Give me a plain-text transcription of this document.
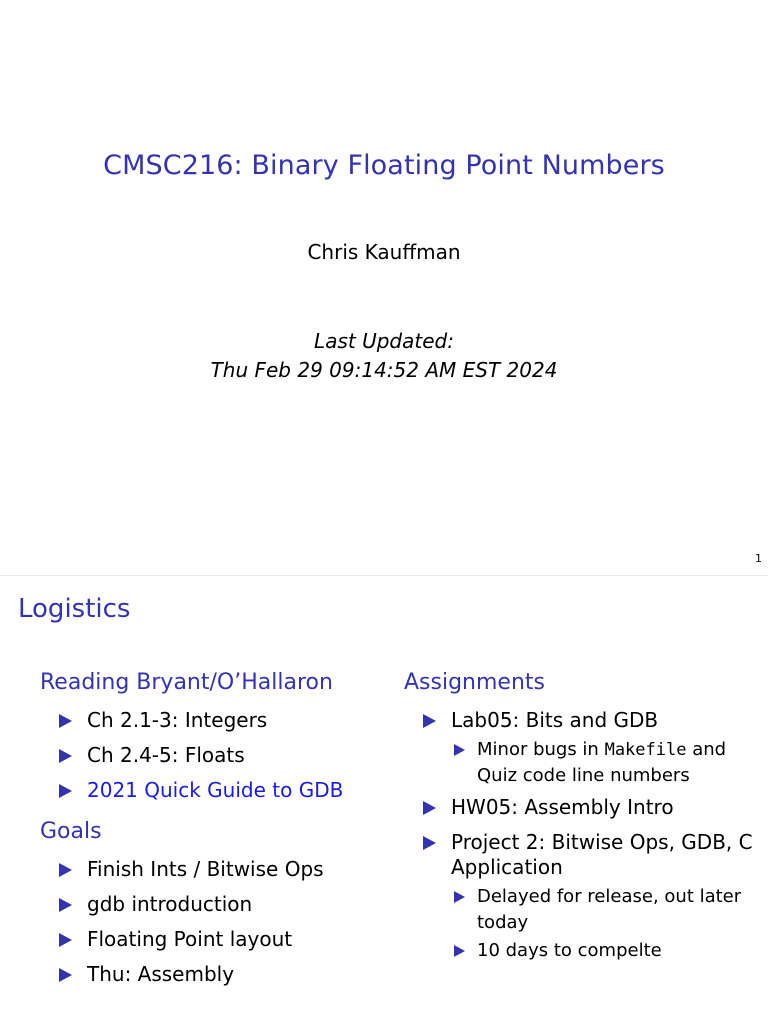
CMSC216: Binary Floating Point Numbers
Chris Kauffman
Last Updated:
Thu Feb 29 09:14:52 AM EST 2024
1
Logistics
Reading Bryant/O’Hallaron
Ch 2.1-3: Integers
Ch 2.4-5: Floats
2021 Quick Guide to GDB
Goals
Finish Ints / Bitwise Ops
gdb introduction
Floating Point layout
Thu: Assembly
Assignments
Lab05: Bits and GDB
Minor bugs in Makefile and Quiz code line numbers
HW05: Assembly Intro
Project 2: Bitwise Ops, GDB, C Application
Delayed for release, out later today
10 days to compelte
